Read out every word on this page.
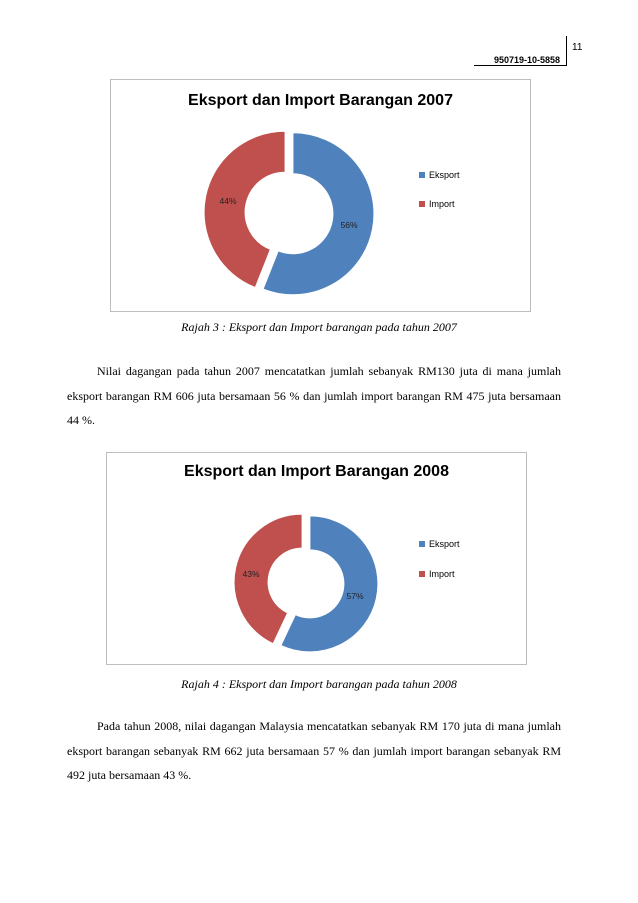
11
950719-10-5858
Eksport dan Import Barangan 2007
56%
44%
Eksport
Import
Rajah 3 : Eksport dan Import barangan pada tahun 2007
Nilai dagangan pada tahun 2007 mencatatkan jumlah sebanyak RM130 juta di mana jumlah eksport barangan RM 606 juta bersamaan 56 % dan jumlah import barangan RM 475 juta bersamaan 44 %.
Eksport dan Import Barangan 2008
57%
43%
Eksport
Import
Rajah 4 : Eksport dan Import barangan pada tahun 2008
Pada tahun 2008, nilai dagangan Malaysia mencatatkan sebanyak RM 170 juta di mana jumlah eksport barangan sebanyak RM 662 juta bersamaan 57 % dan jumlah import barangan sebanyak RM 492 juta bersamaan 43 %.
